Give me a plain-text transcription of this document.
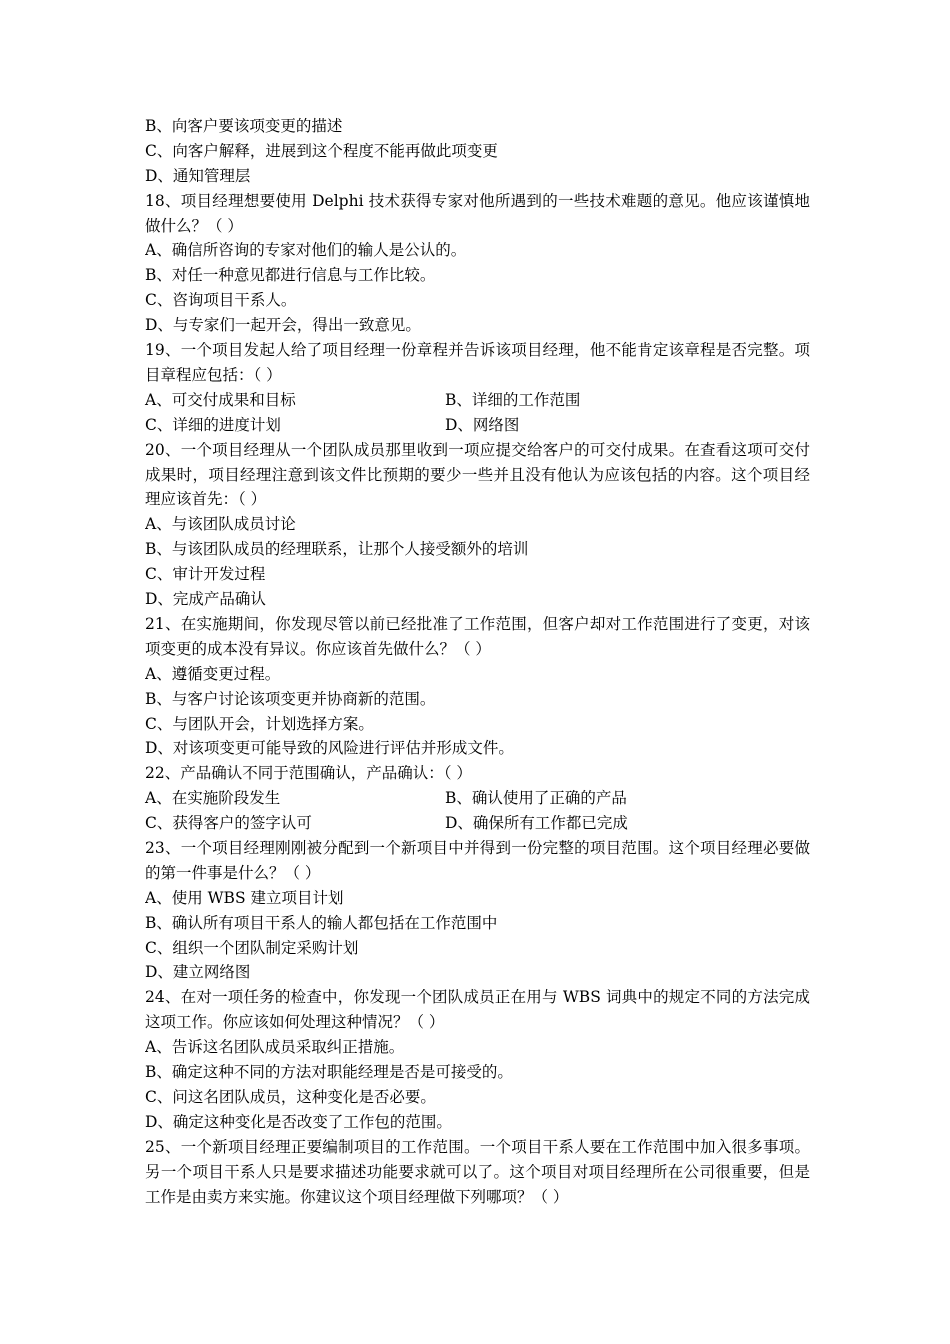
B、向客户要该项变更的描述
C、向客户解释，进展到这个程度不能再做此项变更
D、通知管理层
18、项目经理想要使用 Delphi 技术获得专家对他所遇到的一些技术难题的意见。他应该谨慎地做什么？（ ）
A、确信所咨询的专家对他们的输人是公认的。
B、对任一种意见都进行信息与工作比较。
C、咨询项目干系人。
D、与专家们一起开会，得出一致意见。
19、一个项目发起人给了项目经理一份章程并告诉该项目经理，他不能肯定该章程是否完整。项目章程应包括：（ ）
A、可交付成果和目标	B、详细的工作范围
C、详细的进度计划	D、网络图
20、一个项目经理从一个团队成员那里收到一项应提交给客户的可交付成果。在查看这项可交付成果时，项目经理注意到该文件比预期的要少一些并且没有他认为应该包括的内容。这个项目经理应该首先：（ ）
A、与该团队成员讨论
B、与该团队成员的经理联系，让那个人接受额外的培训
C、审计开发过程
D、完成产品确认
21、在实施期间，你发现尽管以前已经批准了工作范围，但客户却对工作范围进行了变更，对该项变更的成本没有异议。你应该首先做什么？（ ）
A、遵循变更过程。
B、与客户讨论该项变更并协商新的范围。
C、与团队开会，计划选择方案。
D、对该项变更可能导致的风险进行评估并形成文件。
22、产品确认不同于范围确认，产品确认：（ ）
A、在实施阶段发生	B、确认使用了正确的产品
C、获得客户的签字认可	D、确保所有工作都已完成
23、一个项目经理刚刚被分配到一个新项目中并得到一份完整的项目范围。这个项目经理必要做的第一件事是什么？（ ）
A、使用 WBS 建立项目计划
B、确认所有项目干系人的输人都包括在工作范围中
C、组织一个团队制定采购计划
D、建立网络图
24、在对一项任务的检查中，你发现一个团队成员正在用与 WBS 词典中的规定不同的方法完成这项工作。你应该如何处理这种情况？（ ）
A、告诉这名团队成员采取纠正措施。
B、确定这种不同的方法对职能经理是否是可接受的。
C、问这名团队成员，这种变化是否必要。
D、确定这种变化是否改变了工作包的范围。
25、一个新项目经理正要编制项目的工作范围。一个项目干系人要在工作范围中加入很多事项。另一个项目干系人只是要求描述功能要求就可以了。这个项目对项目经理所在公司很重要，但是工作是由卖方来实施。你建议这个项目经理做下列哪项？（ ）
